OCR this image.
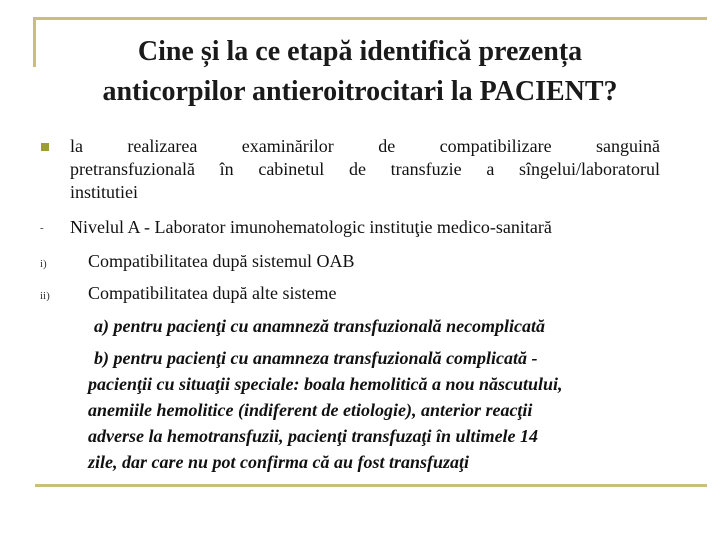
Cine și la ce etapă identifică prezența
anticorpilor antieroitrocitari la PACIENT?
la realizarea examinărilor de compatibilizare sanguină
pretransfuzională în cabinetul de transfuzie a sîngelui/laboratorul
institutiei
- Nivelul A - Laborator imunohematologic instituţie medico-sanitară
i) Compatibilitatea după sistemul OAB
ii) Compatibilitatea după alte sisteme
a) pentru pacienţi cu anamneză transfuzională necomplicată
b) pentru pacienţi cu anamneza transfuzională complicată -
pacienţii cu situaţii speciale: boala hemolitică a nou născutului,
anemiile hemolitice (indiferent de etiologie), anterior reacţii
adverse la hemotransfuzii, pacienţi transfuzaţi în ultimele 14
zile, dar care nu pot confirma că au fost transfuzaţi
